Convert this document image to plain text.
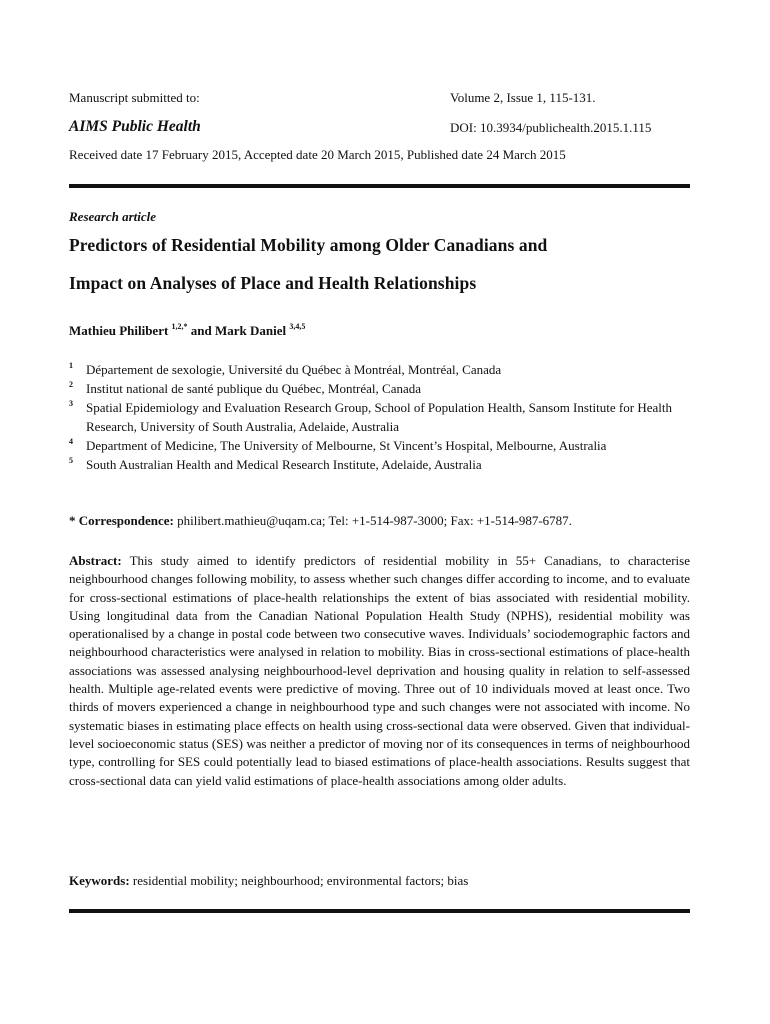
Manuscript submitted to:	Volume 2, Issue 1, 115-131.
AIMS Public Health	DOI: 10.3934/publichealth.2015.1.115
Received date 17 February 2015, Accepted date 20 March 2015, Published date 24 March 2015
Research article
Predictors of Residential Mobility among Older Canadians and
Impact on Analyses of Place and Health Relationships
Mathieu Philibert $^{1,2,*}$ and Mark Daniel $^{3,4,5}$
1 Département de sexologie, Université du Québec à Montréal, Montréal, Canada
2 Institut national de santé publique du Québec, Montréal, Canada
3 Spatial Epidemiology and Evaluation Research Group, School of Population Health, Sansom Institute for Health Research, University of South Australia, Adelaide, Australia
4 Department of Medicine, The University of Melbourne, St Vincent’s Hospital, Melbourne, Australia
5 South Australian Health and Medical Research Institute, Adelaide, Australia
* Correspondence: philibert.mathieu@uqam.ca; Tel: +1-514-987-3000; Fax: +1-514-987-6787.
Abstract: This study aimed to identify predictors of residential mobility in 55+ Canadians, to characterise neighbourhood changes following mobility, to assess whether such changes differ according to income, and to evaluate for cross-sectional estimations of place-health relationships the extent of bias associated with residential mobility. Using longitudinal data from the Canadian National Population Health Study (NPHS), residential mobility was operationalised by a change in postal code between two consecutive waves. Individuals’ sociodemographic factors and neighbourhood characteristics were analysed in relation to mobility. Bias in cross-sectional estimations of place-health associations was assessed analysing neighbourhood-level deprivation and housing quality in relation to self-assessed health. Multiple age-related events were predictive of moving. Three out of 10 individuals moved at least once. Two thirds of movers experienced a change in neighbourhood type and such changes were not associated with income. No systematic biases in estimating place effects on health using cross-sectional data were observed. Given that individual-level socioeconomic status (SES) was neither a predictor of moving nor of its consequences in terms of neighbourhood type, controlling for SES could potentially lead to biased estimations of place-health associations. Results suggest that cross-sectional data can yield valid estimations of place-health associations among older adults.
Keywords: residential mobility; neighbourhood; environmental factors; bias
